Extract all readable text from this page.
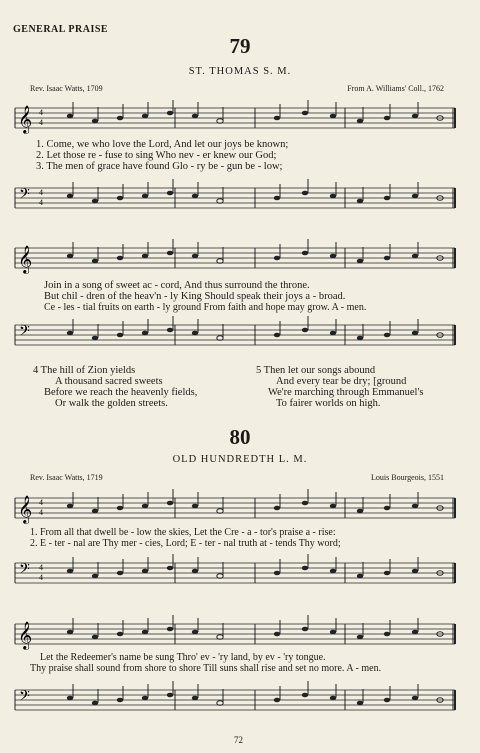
GENERAL PRAISE
79
ST. THOMAS S. M.
Rev. Isaac Watts, 1709	From A. Williams' Coll., 1762
𝄞 4
4
1. Come, we who love the Lord, And let our joys be known;
2. Let those re - fuse to sing Who nev - er knew our God;
3. The men of grace have found Glo - ry be - gun be - low;
𝄢 4
4
𝄞
Join in a song of sweet ac - cord, And thus surround the throne.
But chil - dren of the heav'n - ly King Should speak their joys a - broad.
Ce - les - tial fruits on earth - ly ground From faith and hope may grow. A - men.
𝄢
4 The hill of Zion yields
A thousand sacred sweets
Before we reach the heavenly fields,
Or walk the golden streets.
5 Then let our songs abound
And every tear be dry; [ground
We're marching through Emmanuel's
To fairer worlds on high.
80
OLD HUNDREDTH L. M.
Rev. Isaac Watts, 1719	Louis Bourgeois, 1551
𝄞 4
4
1. From all that dwell be - low the skies, Let the Cre - a - tor's praise a - rise:
2. E - ter - nal are Thy mer - cies, Lord; E - ter - nal truth at - tends Thy word;
𝄢 4
4
𝄞
Let the Redeemer's name be sung Thro' ev - 'ry land, by ev - 'ry tongue.
Thy praise shall sound from shore to shore Till suns shall rise and set no more. A - men.
𝄢
72
